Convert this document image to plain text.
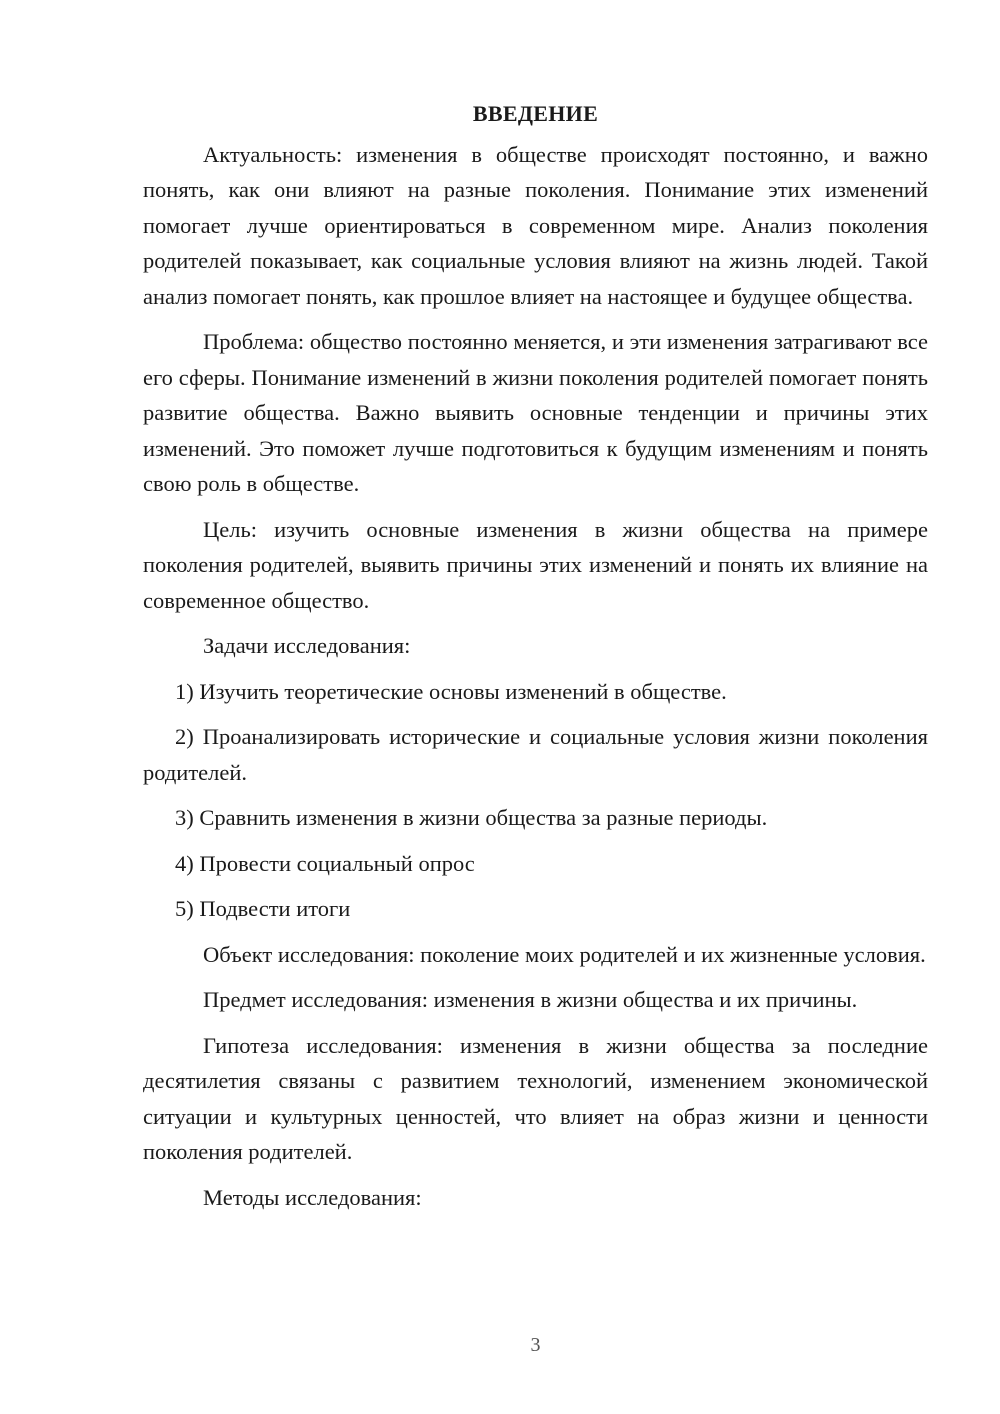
ВВЕДЕНИЕ

Актуальность: изменения в обществе происходят постоянно, и важно понять, как они влияют на разные поколения. Понимание этих изменений помогает лучше ориентироваться в современном мире. Анализ поколения родителей показывает, как социальные условия влияют на жизнь людей. Такой анализ помогает понять, как прошлое влияет на настоящее и будущее общества.

Проблема: общество постоянно меняется, и эти изменения затрагивают все его сферы. Понимание изменений в жизни поколения родителей помогает понять развитие общества. Важно выявить основные тенденции и причины этих изменений. Это поможет лучше подготовиться к будущим изменениям и понять свою роль в обществе.

Цель: изучить основные изменения в жизни общества на примере поколения родителей, выявить причины этих изменений и понять их влияние на современное общество.

Задачи исследования:

1) Изучить теоретические основы изменений в обществе.

2) Проанализировать исторические и социальные условия жизни поколения родителей.

3) Сравнить изменения в жизни общества за разные периоды.

4) Провести социальный опрос

5) Подвести итоги

Объект исследования: поколение моих родителей и их жизненные условия.

Предмет исследования: изменения в жизни общества и их причины.

Гипотеза исследования: изменения в жизни общества за последние десятилетия связаны с развитием технологий, изменением экономической ситуации и культурных ценностей, что влияет на образ жизни и ценности поколения родителей.

Методы исследования:

3
